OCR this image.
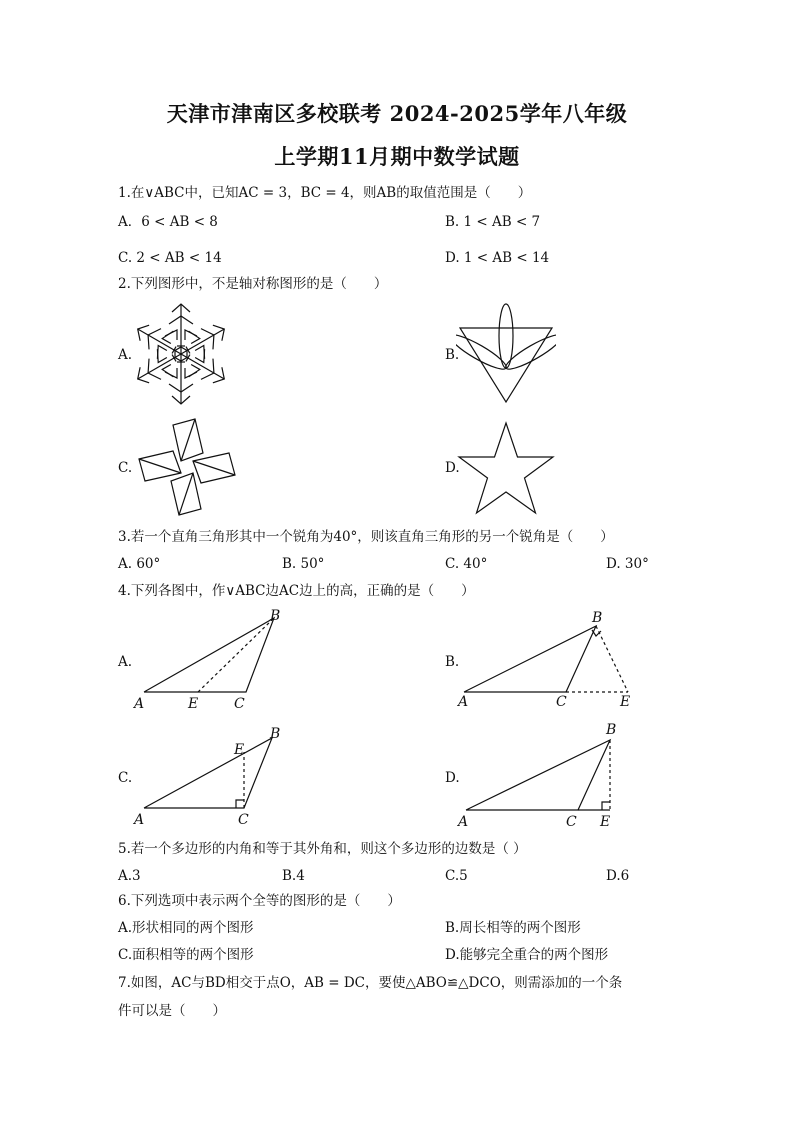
天津市津南区多校联考 2024-2025学年八年级
上学期11月期中数学试题
1.在∨ABC中，已知AC = 3，BC = 4，则AB的取值范围是（　　）
A．6 < AB < 8	B. 1 < AB < 7
C. 2 < AB < 14	D. 1 < AB < 14
2.下列图形中，不是轴对称图形的是（　　）
A.	B.
C.	D.
3.若一个直角三角形其中一个锐角为40°，则该直角三角形的另一个锐角是（　　）
A. 60°	B. 50°	C. 40°	D. 30°
4.下列各图中，作∨ABC边AC边上的高，正确的是（　　）
A.
B
A	E	C
B.
B
A	C	E
C.
B
E
A	C
D.
B
A	C E
5.若一个多边形的内角和等于其外角和，则这个多边形的边数是（ ）
A.3	B.4	C.5	D.6
6.下列选项中表示两个全等的图形的是（　　）
A.形状相同的两个图形	B.周长相等的两个图形
C.面积相等的两个图形	D.能够完全重合的两个图形
7.如图，AC与BD相交于点O，AB = DC，要使△ABO≌△DCO，则需添加的一个条
件可以是（　　）
